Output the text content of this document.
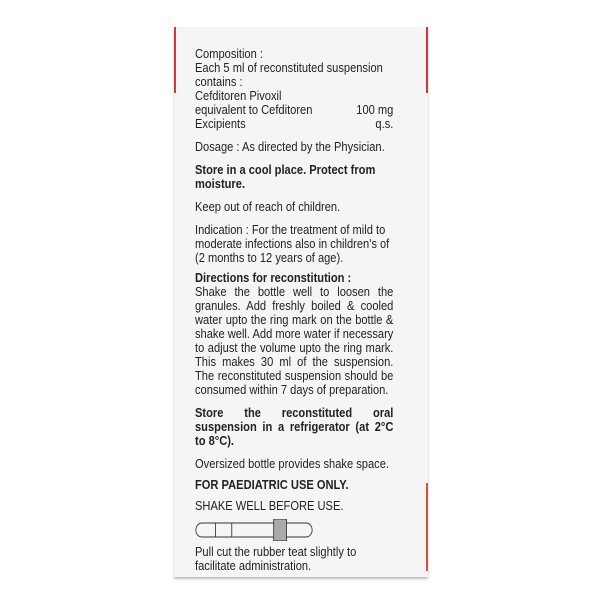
Composition :
Each 5 ml of reconstituted suspension
contains :
Cefditoren Pivoxil
equivalent to Cefditoren	100 mg
Excipients	q.s.
Dosage : As directed by the Physician.
Store in a cool place. Protect from moisture.
Keep out of reach of children.
Indication : For the treatment of mild to moderate infections also in children's of (2 months to 12 years of age).
Directions for reconstitution :
Shake the bottle well to loosen the granules. Add freshly boiled & cooled water upto the ring mark on the bottle & shake well. Add more water if necessary to adjust the volume upto the ring mark. This makes 30 ml of the suspension. The reconstituted suspension should be consumed within 7 days of preparation.
Store the reconstituted oral suspension in a refrigerator (at 2°C to 8°C).
Oversized bottle provides shake space.
FOR PAEDIATRIC USE ONLY.
SHAKE WELL BEFORE USE.
Pull cut the rubber teat slightly to facilitate administration.
